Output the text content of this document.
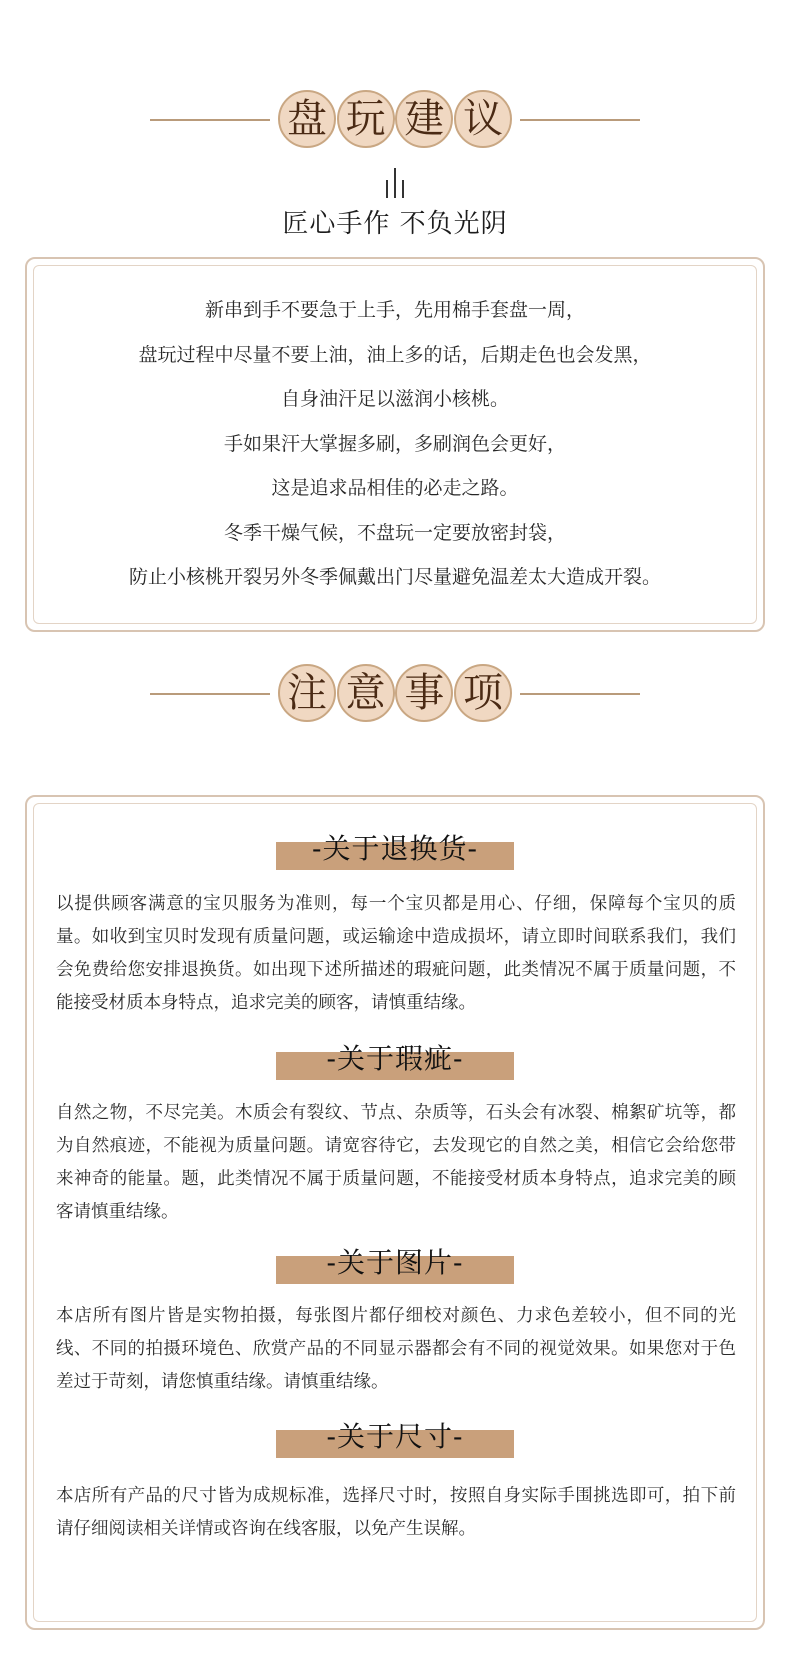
盘 玩 建 议
匠心手作 不负光阴
新串到手不要急于上手，先用棉手套盘一周，
盘玩过程中尽量不要上油，油上多的话，后期走色也会发黑，
自身油汗足以滋润小核桃。
手如果汗大掌握多刷，多刷润色会更好，
这是追求品相佳的必走之路。
冬季干燥气候，不盘玩一定要放密封袋，
防止小核桃开裂另外冬季佩戴出门尽量避免温差太大造成开裂。
注 意 事 项
-关于退换货-
以提供顾客满意的宝贝服务为准则，每一个宝贝都是用心、仔细，保障每个宝贝的质量。如收到宝贝时发现有质量问题，或运输途中造成损坏，请立即时间联系我们，我们会免费给您安排退换货。如出现下述所描述的瑕疵问题，此类情况不属于质量问题，不能接受材质本身特点，追求完美的顾客，请慎重结缘。
-关于瑕疵-
自然之物，不尽完美。木质会有裂纹、节点、杂质等，石头会有冰裂、棉絮矿坑等，都为自然痕迹，不能视为质量问题。请宽容待它，去发现它的自然之美，相信它会给您带来神奇的能量。题，此类情况不属于质量问题，不能接受材质本身特点，追求完美的顾客请慎重结缘。
-关于图片-
本店所有图片皆是实物拍摄，每张图片都仔细校对颜色、力求色差较小，但不同的光线、不同的拍摄环境色、欣赏产品的不同显示器都会有不同的视觉效果。如果您对于色差过于苛刻，请您慎重结缘。请慎重结缘。
-关于尺寸-
本店所有产品的尺寸皆为成规标准，选择尺寸时，按照自身实际手围挑选即可，拍下前请仔细阅读相关详情或咨询在线客服，以免产生误解。
